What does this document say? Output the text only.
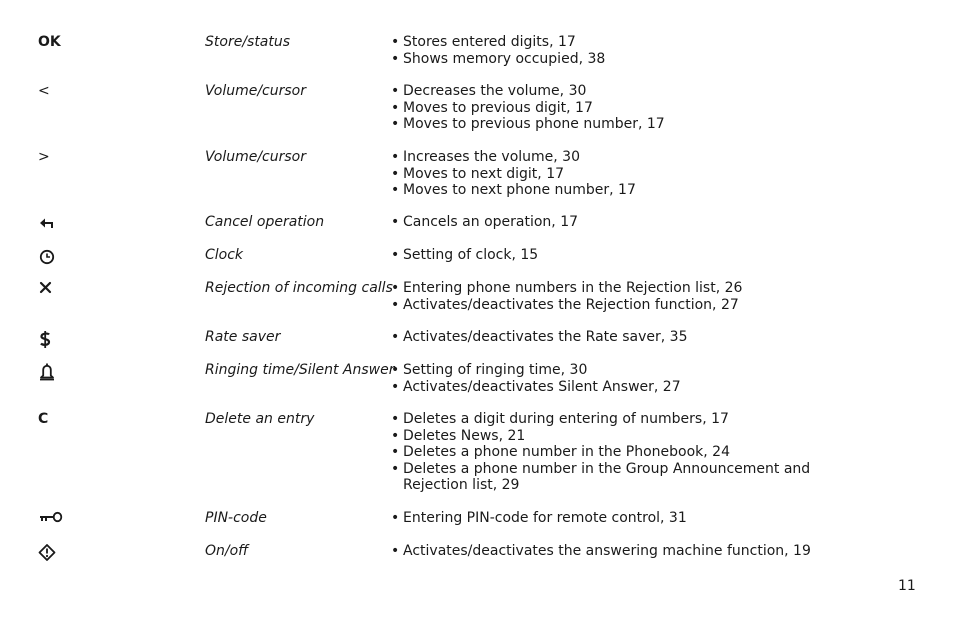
OK	Store/status	• Stores entered digits, 17
• Shows memory occupied, 38
<	Volume/cursor	• Decreases the volume, 30
• Moves to previous digit, 17
• Moves to previous phone number, 17
>	Volume/cursor	• Increases the volume, 30
• Moves to next digit, 17
• Moves to next phone number, 17
Cancel operation	• Cancels an operation, 17
Clock	• Setting of clock, 15
Rejection of incoming calls • Entering phone numbers in the Rejection list, 26
• Activates/deactivates the Rejection function, 27
Rate saver	• Activates/deactivates the Rate saver, 35
Ringing time/Silent Answer • Setting of ringing time, 30
• Activates/deactivates Silent Answer, 27
C	Delete an entry	• Deletes a digit during entering of numbers, 17
• Deletes News, 21
• Deletes a phone number in the Phonebook, 24
• Deletes a phone number in the Group Announcement and Rejection list, 29
PIN-code	• Entering PIN-code for remote control, 31
On/off	• Activates/deactivates the answering machine function, 19
11
